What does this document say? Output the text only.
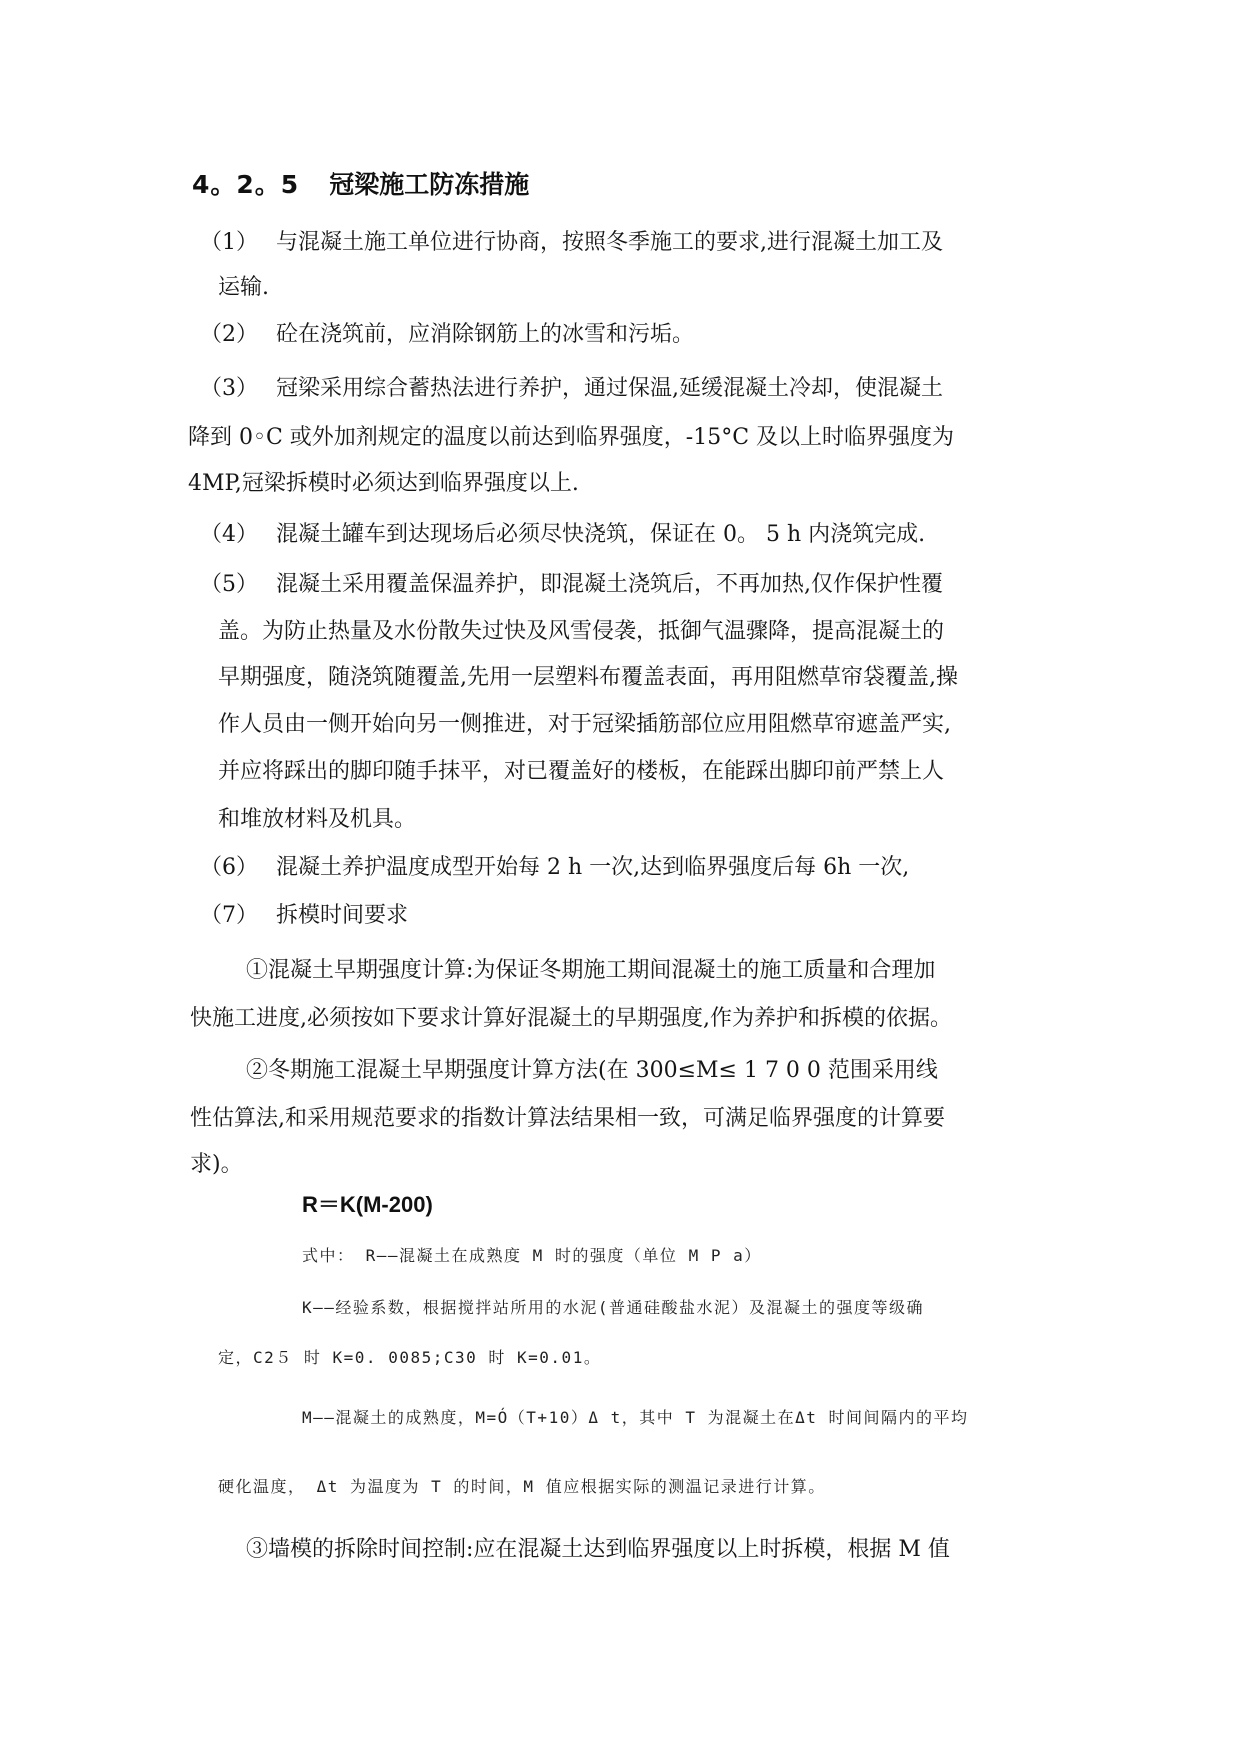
4。2。5 冠梁施工防冻措施
（1） 与混凝土施工单位进行协商，按照冬季施工的要求,进行混凝土加工及
运输.
（2） 砼在浇筑前，应消除钢筋上的冰雪和污垢。
（3） 冠梁采用综合蓄热法进行养护，通过保温,延缓混凝土冷却，使混凝土
降到 0◦C 或外加剂规定的温度以前达到临界强度，-15°C 及以上时临界强度为
4MP,冠梁拆模时必须达到临界强度以上.
（4） 混凝土罐车到达现场后必须尽快浇筑，保证在 0。 5 h 内浇筑完成.
（5） 混凝土采用覆盖保温养护，即混凝土浇筑后，不再加热,仅作保护性覆
盖。为防止热量及水份散失过快及风雪侵袭，抵御气温骤降，提高混凝土的
早期强度，随浇筑随覆盖,先用一层塑料布覆盖表面，再用阻燃草帘袋覆盖,操
作人员由一侧开始向另一侧推进，对于冠梁插筋部位应用阻燃草帘遮盖严实,
并应将踩出的脚印随手抹平，对已覆盖好的楼板，在能踩出脚印前严禁上人
和堆放材料及机具。
（6） 混凝土养护温度成型开始每 2 h 一次,达到临界强度后每 6h 一次,
（7） 拆模时间要求
①混凝土早期强度计算:为保证冬期施工期间混凝土的施工质量和合理加
快施工进度,必须按如下要求计算好混凝土的早期强度,作为养护和拆模的依据。
②冬期施工混凝土早期强度计算方法(在 300≤M≤ 1 7 0 0 范围采用线
性估算法,和采用规范要求的指数计算法结果相一致，可满足临界强度的计算要
求)。
R＝K(M-200)
式中： R——混凝土在成熟度 M 时的强度（单位 M P a）
K——经验系数，根据搅拌站所用的水泥(普通硅酸盐水泥）及混凝土的强度等级确
定，C2５ 时 K=0. 0085;C30 时 K=0.01。
M——混凝土的成熟度，M=Ó（T+10）Δ t，其中 T 为混凝土在Δt 时间间隔内的平均
硬化温度， Δt 为温度为 T 的时间，M 值应根据实际的测温记录进行计算。
③墙模的拆除时间控制:应在混凝土达到临界强度以上时拆模，根据 M 值
